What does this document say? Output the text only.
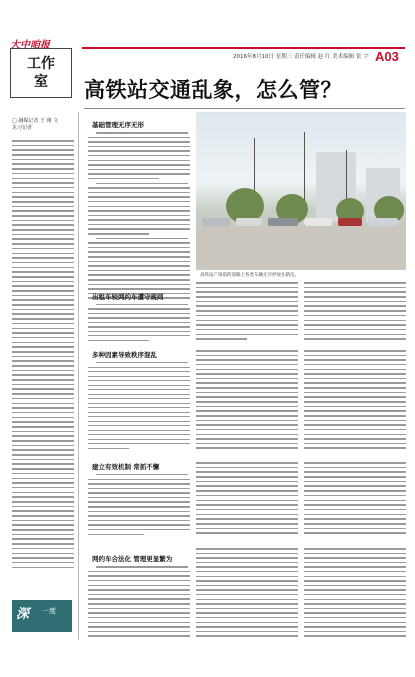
大中咱报
工作
室
2016年8月10日 星期三 责任编辑 赵 红 美术编辑 张 宇 A03
高铁站交通乱象，怎么管？
□ 融媒记者 王 刚 文
见习记者	基础管理无序无形
高铁站广场前的道路上各类车辆无序停放在路边。
出租车较网约车遭守规则
多种因素导致秩序混乱
建立有效机制 常抓不懈
网约车合法化 管理更显繁为
深 一度
